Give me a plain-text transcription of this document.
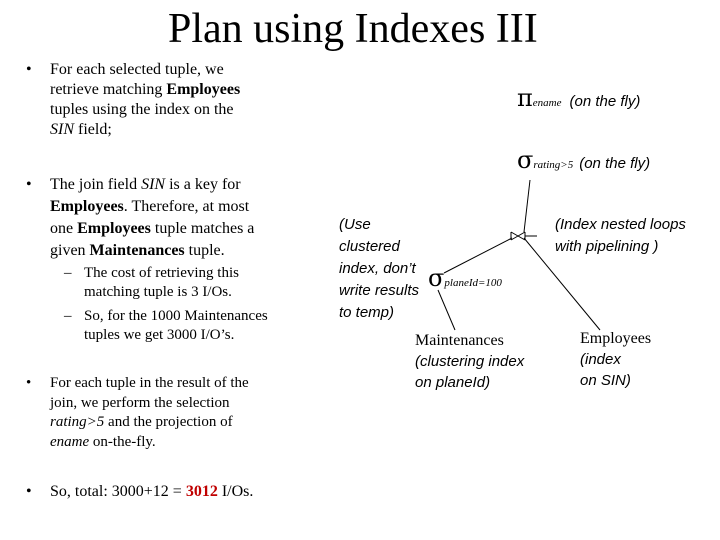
Plan using Indexes III
• For each selected tuple, we
retrieve matching Employees
tuples using the index on the
SIN field;
• The join field SIN is a key for
Employees. Therefore, at most
one Employees tuple matches a
given Maintenances tuple.
– The cost of retrieving this
matching tuple is 3 I/Os.
– So, for the 1000 Maintenances
tuples we get 3000 I/O’s.
• For each tuple in the result of the
join, we perform the selection
rating>5 and the projection of
ename on-the-fly.
• So, total: 3000+12 = 3012 I/Os.
πename (on the fly)
σrating>5 (on the fly)
(Index nested loops
with pipelining )
(Use
clustered
index, don’t
write results
to temp)
σplaneId=100
Maintenances
(clustering index
on planeId)
Employees
(index
on SIN)
